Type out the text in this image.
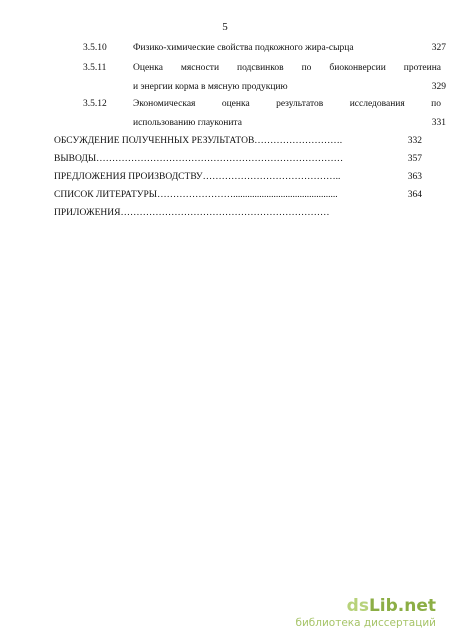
5
3.5.10	Физико-химические свойства подкожного жира-сырца	327
3.5.11	Оценка мясности подсвинков по биоконверсии протеина
и энергии корма в мясную продукцию	329
3.5.12	Экономическая оценка результатов исследования по
использованию глауконита	331
ОБСУЖДЕНИЕ ПОЛУЧЕННЫХ РЕЗУЛЬТАТОВ……………………….	332
ВЫВОДЫ……………………………………………………………………	357
ПРЕДЛОЖЕНИЯ ПРОИЗВОДСТВУ……………………………………..	363
СПИСОК ЛИТЕРАТУРЫ……………………............................................	364
ПРИЛОЖЕНИЯ…………………………………………………………
dsLib.net
библиотека диссертаций
